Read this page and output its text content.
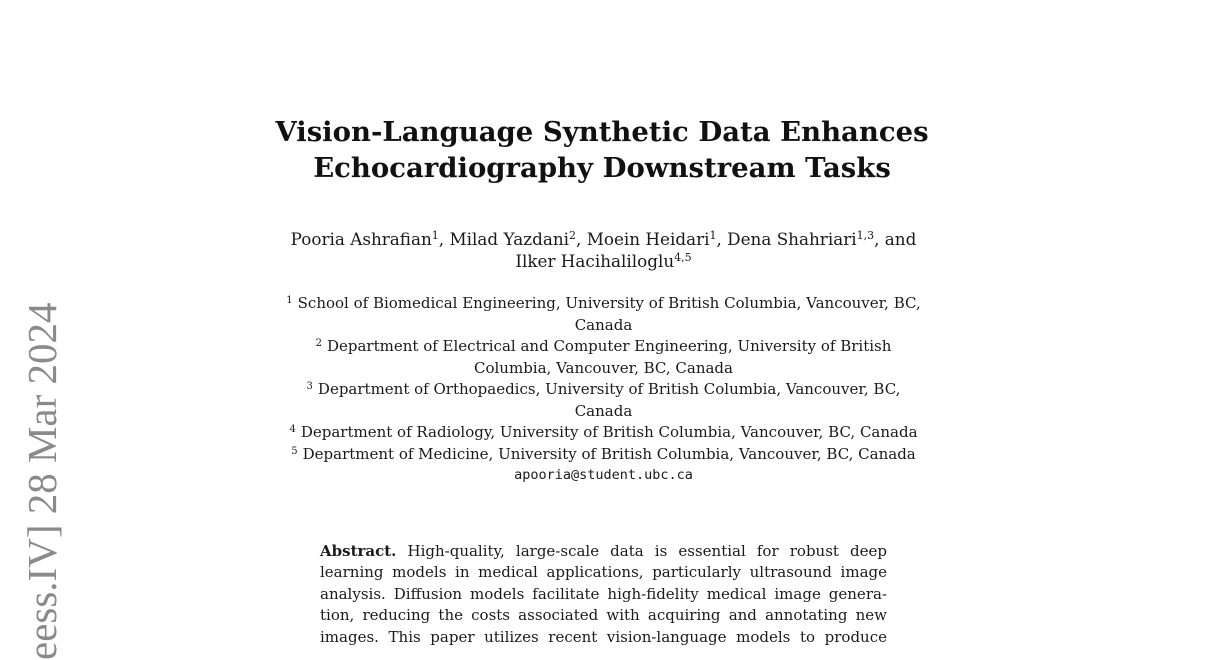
eess.IV] 28 Mar 2024
Vision-Language Synthetic Data Enhances
Echocardiography Downstream Tasks
Pooria Ashrafian$^1$, Milad Yazdani$^2$, Moein Heidari$^1$, Dena Shahriari$^{1,3}$, and
Ilker Hacihaliloglu$^{4,5}$
$^1$ School of Biomedical Engineering, University of British Columbia, Vancouver, BC,
Canada
$^2$ Department of Electrical and Computer Engineering, University of British
Columbia, Vancouver, BC, Canada
$^3$ Department of Orthopaedics, University of British Columbia, Vancouver, BC,
Canada
$^4$ Department of Radiology, University of British Columbia, Vancouver, BC, Canada
$^5$ Department of Medicine, University of British Columbia, Vancouver, BC, Canada
apooria@student.ubc.ca
Abstract. High-quality, large-scale data is essential for robust deep
learning models in medical applications, particularly ultrasound image
analysis. Diffusion models facilitate high-fidelity medical image genera-
tion, reducing the costs associated with acquiring and annotating new
images. This paper utilizes recent vision-language models to produce
